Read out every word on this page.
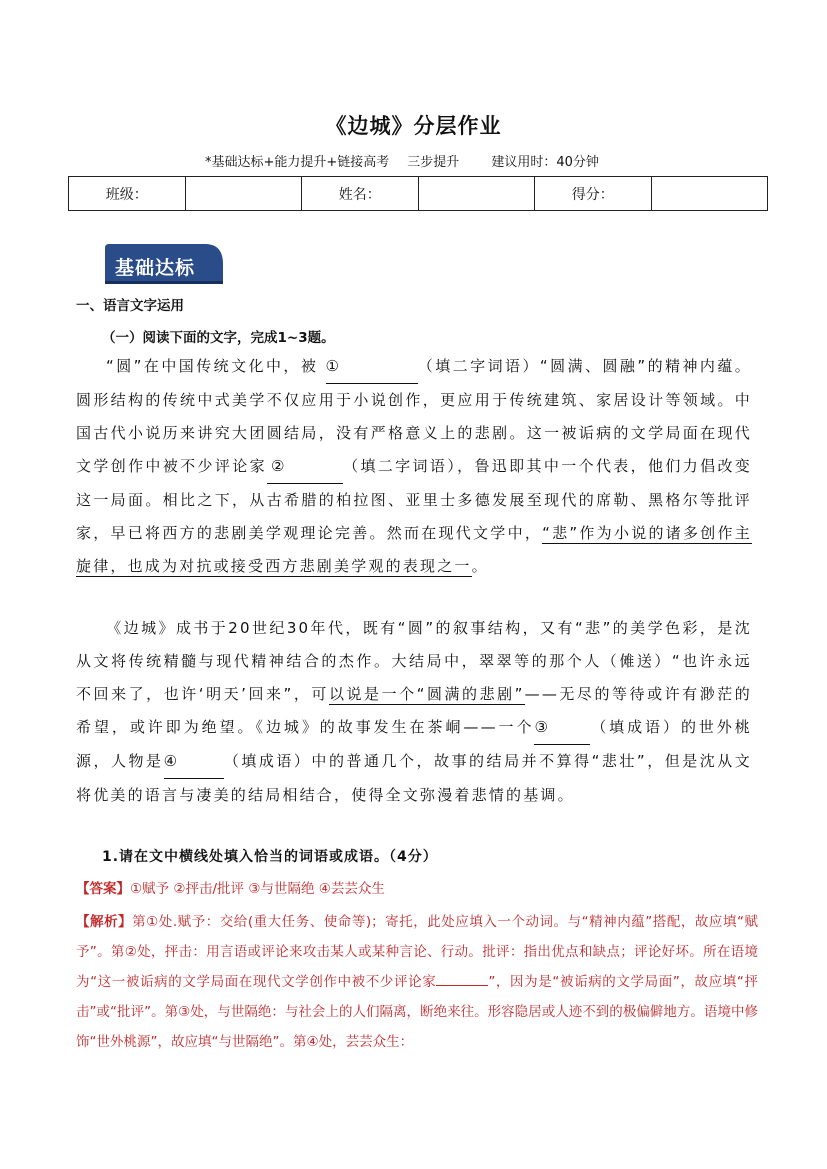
《边城》分层作业
*基础达标+能力提升+链接高考 三步提升 建议用时：40分钟
班级：		姓名：		得分：	
基础达标
一、语言文字运用
（一）阅读下面的文字，完成1~3题。
“圆”在中国传统文化中，被 ①	（填二字词语）“圆满、圆融”的精神内蕴。圆形结构的传统中式美学不仅应用于小说创作，更应用于传统建筑、家居设计等领域。中国古代小说历来讲究大团圆结局，没有严格意义上的悲剧。这一被诟病的文学局面在现代文学创作中被不少评论家 ②	（填二字词语），鲁迅即其中一个代表，他们力倡改变这一局面。相比之下，从古希腊的柏拉图、亚里士多德发展至现代的席勒、黑格尔等批评家，早已将西方的悲剧美学观理论完善。然而在现代文学中，“悲”作为小说的诸多创作主旋律，也成为对抗或接受西方悲剧美学观的表现之一。
《边城》成书于20世纪30年代，既有“圆”的叙事结构，又有“悲”的美学色彩，是沈从文将传统精髓与现代精神结合的杰作。大结局中，翠翠等的那个人（傩送）“也许永远不回来了，也许‘明天’回来”，可以说是一个“圆满的悲剧”——无尽的等待或许有渺茫的希望，或许即为绝望。《边城》的故事发生在茶峒——一个③	（填成语）的世外桃源，人物是④	（填成语）中的普通几个，故事的结局并不算得“悲壮”，但是沈从文将优美的语言与凄美的结局相结合，使得全文弥漫着悲情的基调。
1.请在文中横线处填入恰当的词语或成语。（4分）
【答案】①赋予 ②抨击/批评 ③与世隔绝 ④芸芸众生
【解析】第①处.赋予：交给(重大任务、使命等)；寄托，此处应填入一个动词。与“精神内蕴”搭配，故应填“赋予”。第②处，抨击：用言语或评论来攻击某人或某种言论、行动。批评：指出优点和缺点；评论好坏。所在语境为“这一被诟病的文学局面在现代文学创作中被不少评论家	”，因为是“被诟病的文学局面”，故应填“抨击”或“批评”。第③处，与世隔绝：与社会上的人们隔离，断绝来往。形容隐居或人迹不到的极偏僻地方。语境中修饰“世外桃源”，故应填“与世隔绝”。第④处，芸芸众生：
